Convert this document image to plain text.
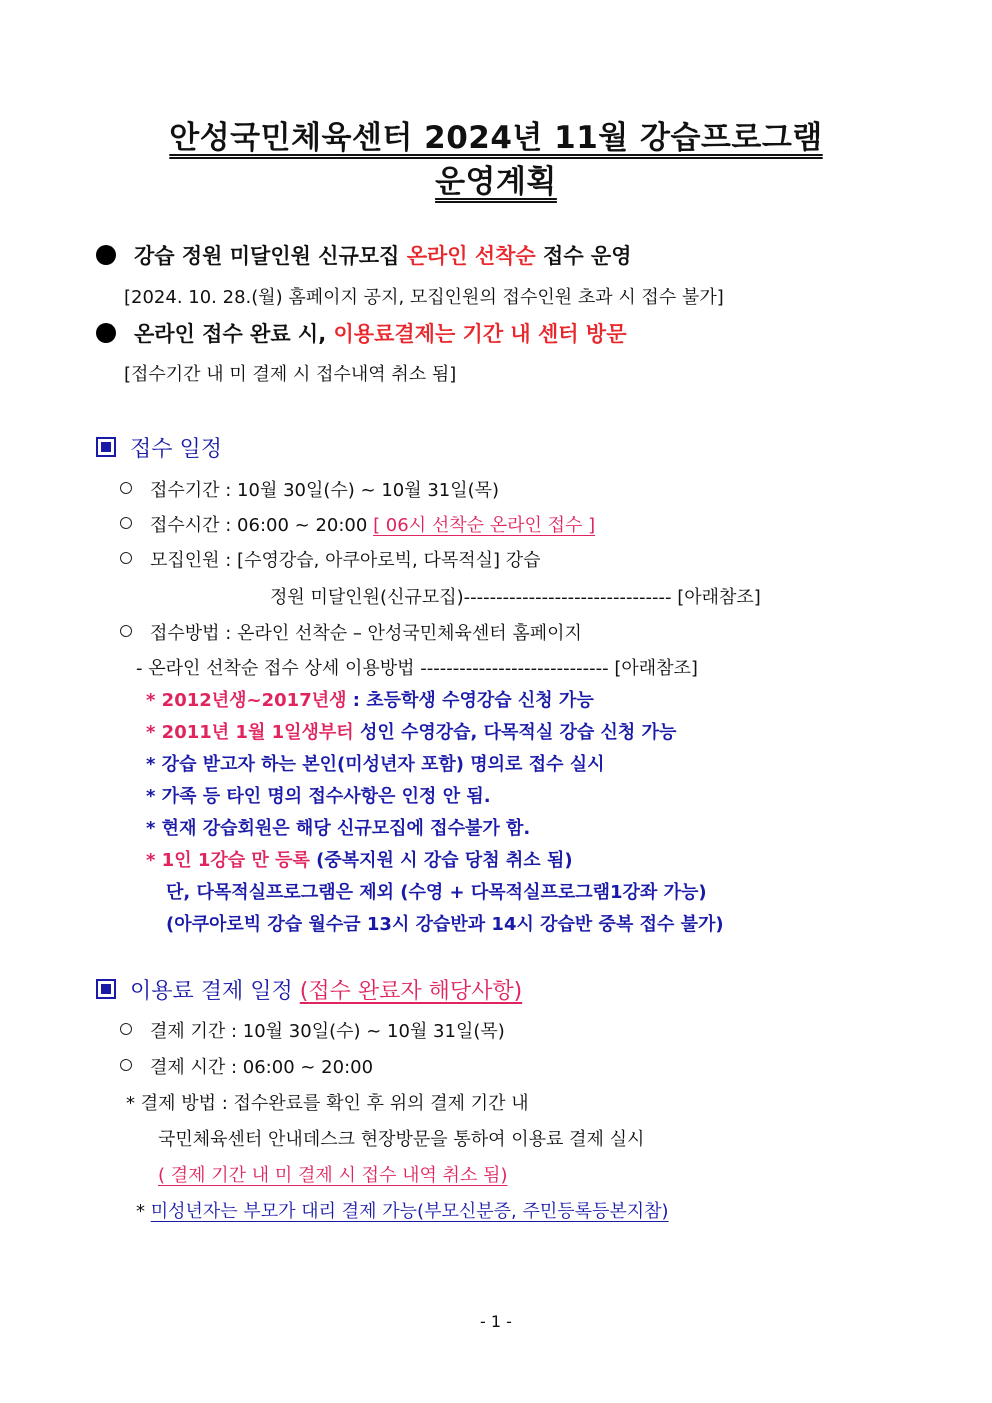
안성국민체육센터 2024년 11월 강습프로그램
운영계획
강습 정원 미달인원 신규모집 온라인 선착순 접수 운영
[2024. 10. 28.(월) 홈페이지 공지, 모집인원의 접수인원 초과 시 접수 불가]
온라인 접수 완료 시, 이용료결제는 기간 내 센터 방문
[접수기간 내 미 결제 시 접수내역 취소 됨]
접수 일정
접수기간 : 10월 30일(수) ~ 10월 31일(목)
접수시간 : 06:00 ~ 20:00 [ 06시 선착순 온라인 접수 ]
모집인원 : [수영강습, 아쿠아로빅, 다목적실] 강습
정원 미달인원(신규모집)-------------------------------- [아래참조]
접수방법 : 온라인 선착순 – 안성국민체육센터 홈페이지
- 온라인 선착순 접수 상세 이용방법 ----------------------------- [아래참조]
* 2012년생~2017년생 : 초등학생 수영강습 신청 가능
* 2011년 1월 1일생부터 성인 수영강습, 다목적실 강습 신청 가능
* 강습 받고자 하는 본인(미성년자 포함) 명의로 접수 실시
* 가족 등 타인 명의 접수사항은 인정 안 됨.
* 현재 강습회원은 해당 신규모집에 접수불가 함.
* 1인 1강습 만 등록 (중복지원 시 강습 당첨 취소 됨)
단, 다목적실프로그램은 제외 (수영 + 다목적실프로그램1강좌 가능)
(아쿠아로빅 강습 월수금 13시 강습반과 14시 강습반 중복 접수 불가)
이용료 결제 일정 (접수 완료자 해당사항)
결제 기간 : 10월 30일(수) ~ 10월 31일(목)
결제 시간 : 06:00 ~ 20:00
* 결제 방법 : 접수완료를 확인 후 위의 결제 기간 내
국민체육센터 안내데스크 현장방문을 통하여 이용료 결제 실시
( 결제 기간 내 미 결제 시 접수 내역 취소 됨)
* 미성년자는 부모가 대리 결제 가능(부모신분증, 주민등록등본지참)
- 1 -
